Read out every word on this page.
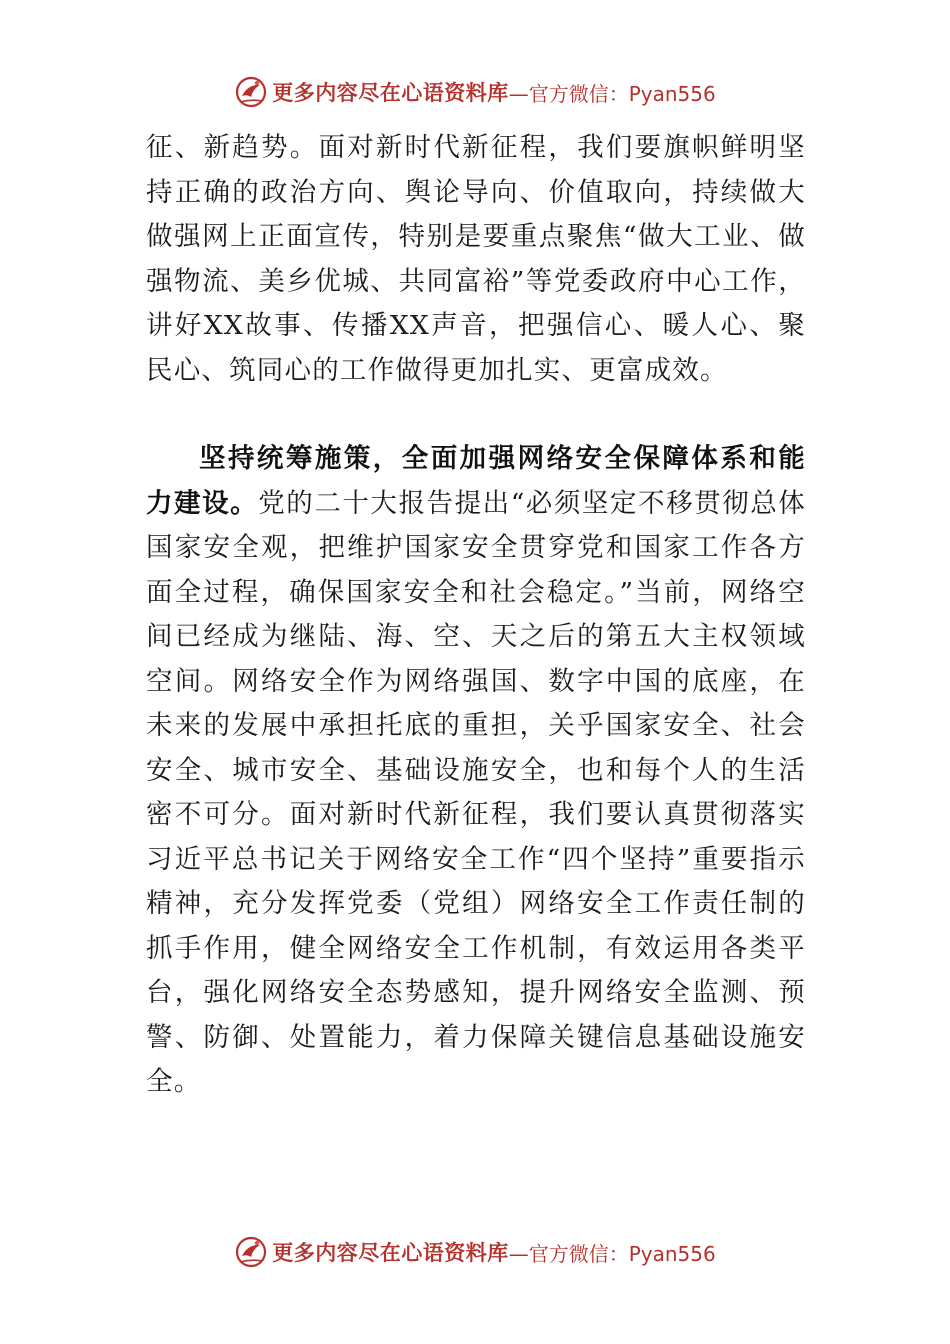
更多内容尽在心语资料库 —官方微信：Pyan556

征、新趋势。面对新时代新征程，我们要旗帜鲜明坚持正确的政治方向、舆论导向、价值取向，持续做大做强网上正面宣传，特别是要重点聚焦“做大工业、做强物流、美乡优城、共同富裕”等党委政府中心工作，讲好XX故事、传播XX声音，把强信心、暖人心、聚民心、筑同心的工作做得更加扎实、更富成效。

坚持统筹施策，全面加强网络安全保障体系和能力建设。党的二十大报告提出“必须坚定不移贯彻总体国家安全观，把维护国家安全贯穿党和国家工作各方面全过程，确保国家安全和社会稳定。”当前，网络空间已经成为继陆、海、空、天之后的第五大主权领域空间。网络安全作为网络强国、数字中国的底座，在未来的发展中承担托底的重担，关乎国家安全、社会安全、城市安全、基础设施安全，也和每个人的生活密不可分。面对新时代新征程，我们要认真贯彻落实习近平总书记关于网络安全工作“四个坚持”重要指示精神，充分发挥党委（党组）网络安全工作责任制的抓手作用，健全网络安全工作机制，有效运用各类平台，强化网络安全态势感知，提升网络安全监测、预警、防御、处置能力，着力保障关键信息基础设施安全。

更多内容尽在心语资料库 —官方微信：Pyan556
